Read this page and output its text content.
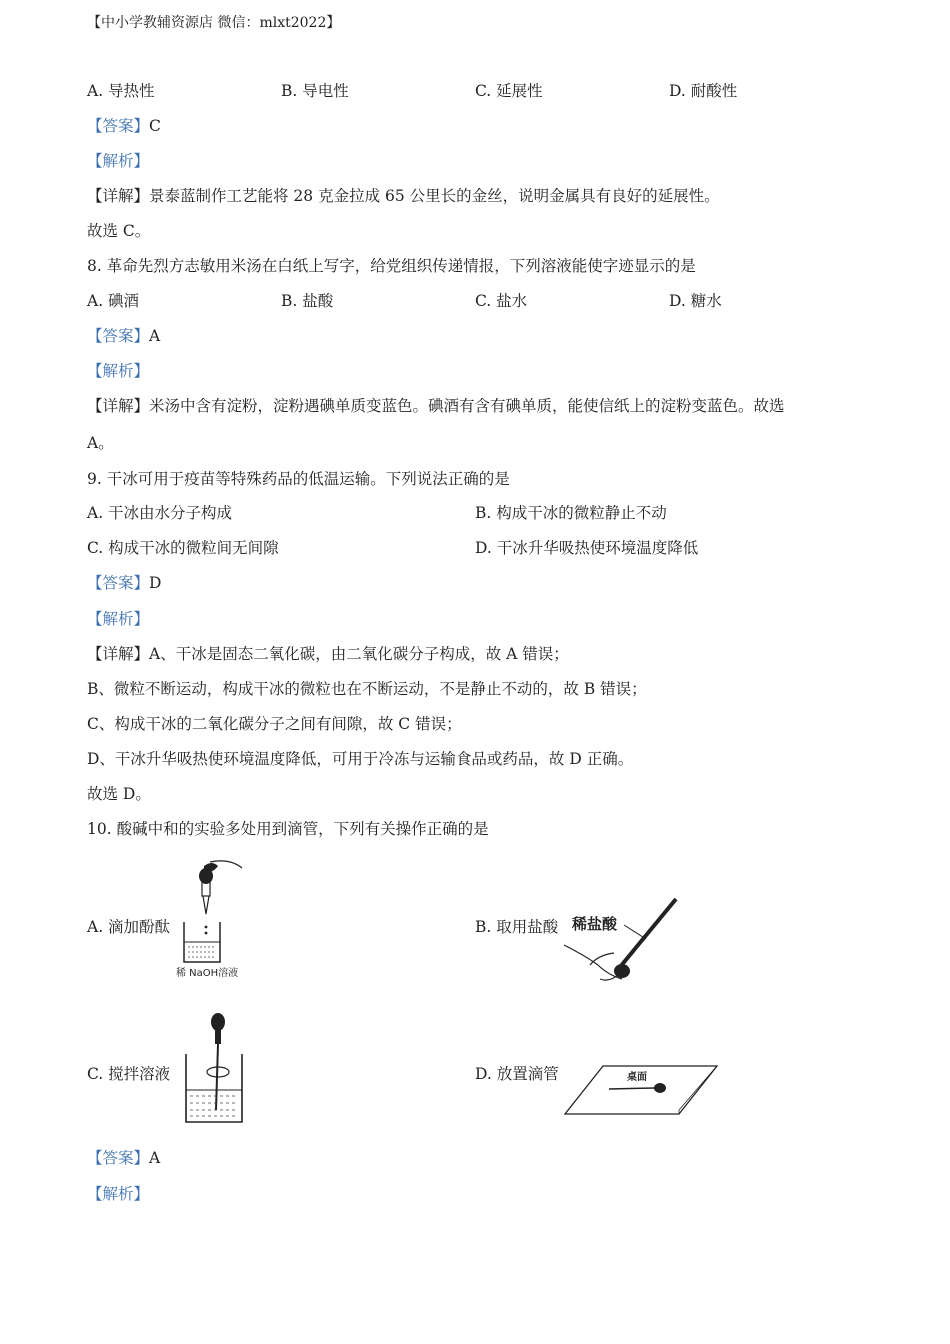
【中小学教辅资源店 微信：mlxt2022】
A. 导热性	B. 导电性	C. 延展性	D. 耐酸性
【答案】C
【解析】
【详解】景泰蓝制作工艺能将 28 克金拉成 65 公里长的金丝，说明金属具有良好的延展性。
故选 C。
8. 革命先烈方志敏用米汤在白纸上写字，给党组织传递情报，下列溶液能使字迹显示的是
A. 碘酒	B. 盐酸	C. 盐水	D. 糖水
【答案】A
【解析】
【详解】米汤中含有淀粉，淀粉遇碘单质变蓝色。碘酒有含有碘单质，能使信纸上的淀粉变蓝色。故选
A。
9. 干冰可用于疫苗等特殊药品的低温运输。下列说法正确的是
A. 干冰由水分子构成	B. 构成干冰的微粒静止不动
C. 构成干冰的微粒间无间隙	D. 干冰升华吸热使环境温度降低
【答案】D
【解析】
【详解】A、干冰是固态二氧化碳，由二氧化碳分子构成，故 A 错误；
B、微粒不断运动，构成干冰的微粒也在不断运动，不是静止不动的，故 B 错误；
C、构成干冰的二氧化碳分子之间有间隙，故 C 错误；
D、干冰升华吸热使环境温度降低，可用于冷冻与运输食品或药品，故 D 正确。
故选 D。
10. 酸碱中和的实验多处用到滴管，下列有关操作正确的是
A. 滴加酚酞	B. 取用盐酸
C. 搅拌溶液	D. 放置滴管
稀 NaOH溶液
稀盐酸
桌面
【答案】A
【解析】
